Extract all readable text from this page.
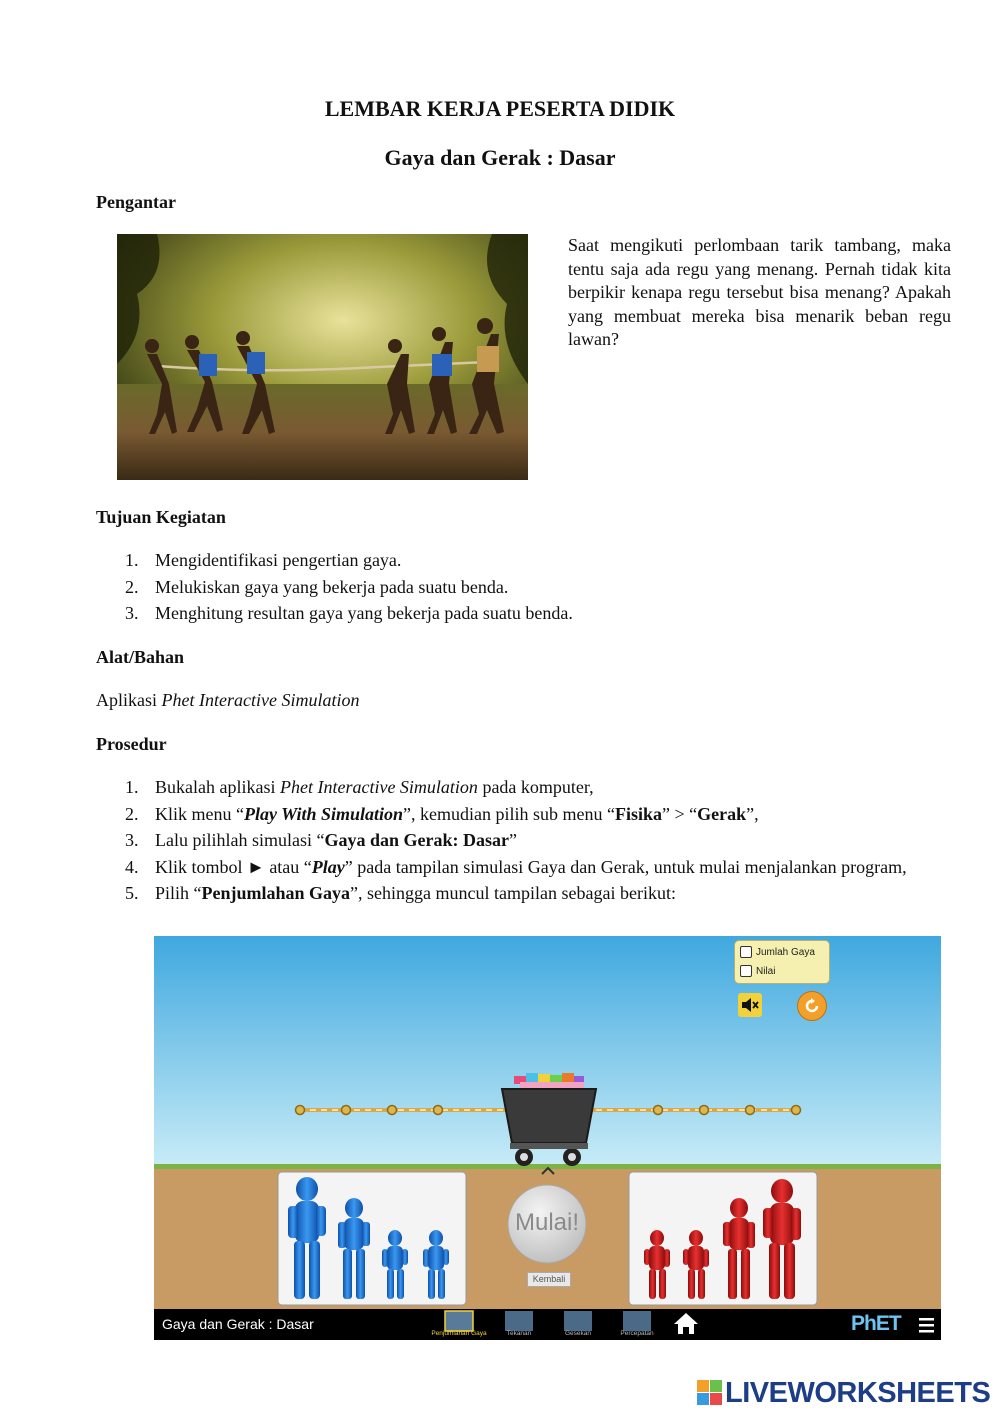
LEMBAR KERJA PESERTA DIDIK
Gaya dan Gerak : Dasar
Pengantar
Saat mengikuti perlombaan tarik tambang, maka tentu saja ada regu yang menang. Pernah tidak kita berpikir kenapa regu tersebut bisa menang? Apakah yang membuat mereka bisa menarik beban regu lawan?
Tujuan Kegiatan
1. Mengidentifikasi pengertian gaya.
2. Melukiskan gaya yang bekerja pada suatu benda.
3. Menghitung resultan gaya yang bekerja pada suatu benda.
Alat/Bahan
Aplikasi Phet Interactive Simulation
Prosedur
1. Bukalah aplikasi Phet Interactive Simulation pada komputer,
2. Klik menu “Play With Simulation”, kemudian pilih sub menu “Fisika” > “Gerak”,
3. Lalu pilihlah simulasi “Gaya dan Gerak: Dasar”
4. Klik tombol ► atau “Play” pada tampilan simulasi Gaya dan Gerak, untuk mulai menjalankan program,
5. Pilih “Penjumlahan Gaya”, sehingga muncul tampilan sebagai berikut:
Jumlah Gaya
Nilai
Mulai!
Kembali
Gaya dan Gerak : Dasar
Penjumlahan Gaya	Tekanan	Gesekan	Percepatan	PhET
LIVEWORKSHEETS
